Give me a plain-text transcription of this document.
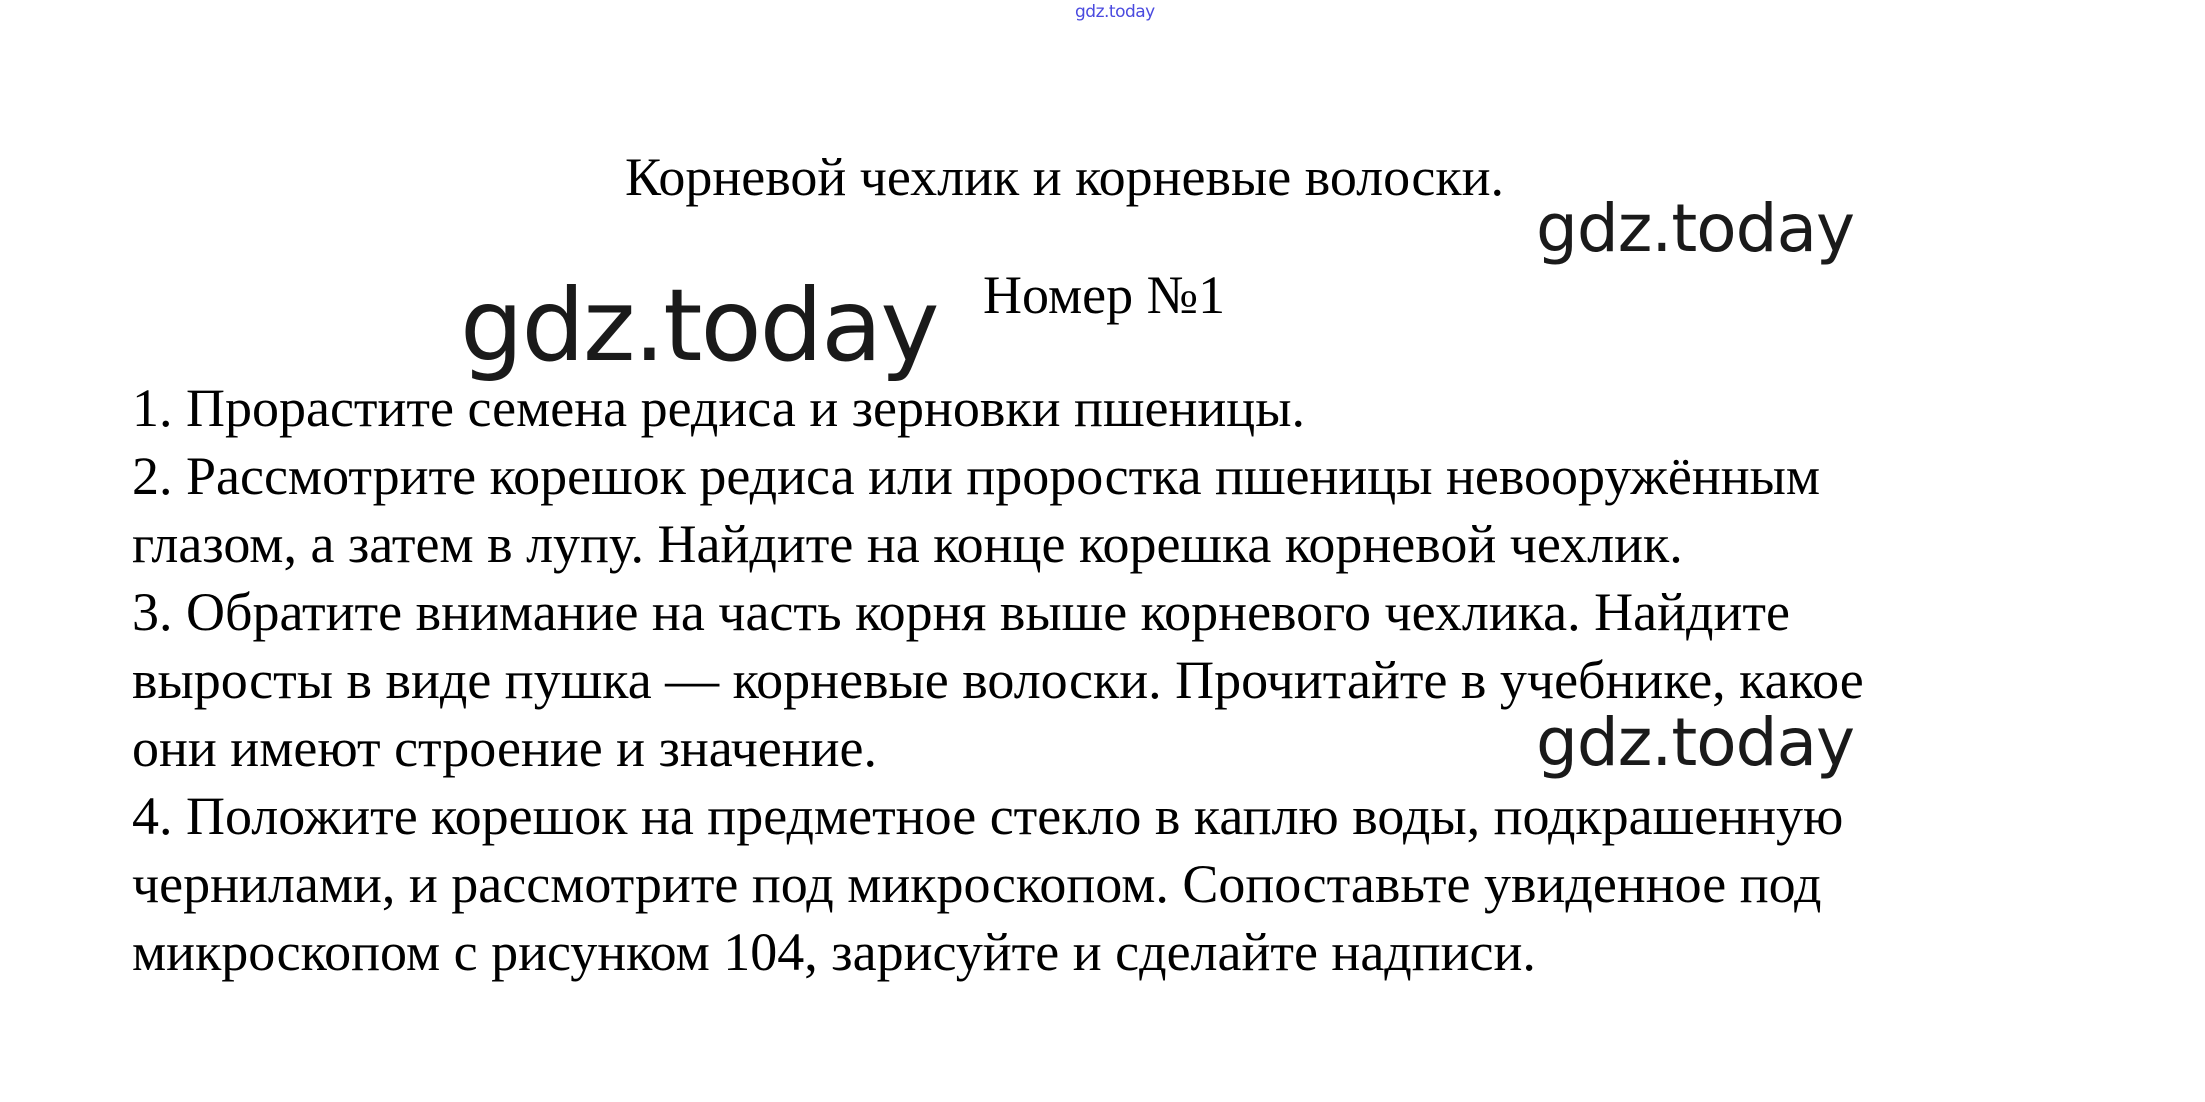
gdz.today
Корневой чехлик и корневые волоски.
gdz.today
Номер №1
1. Прорастите семена редиса и зерновки пшеницы.
2. Рассмотрите корешок редиса или проростка пшеницы невооружённым
глазом, а затем в лупу. Найдите на конце корешка корневой чехлик.
3. Обратите внимание на часть корня выше корневого чехлика. Найдите
выросты в виде пушка — корневые волоски. Прочитайте в учебнике, какое
они имеют строение и значение.
4. Положите корешок на предметное стекло в каплю воды, подкрашенную
чернилами, и рассмотрите под микроскопом. Сопоставьте увиденное под
микроскопом с рисунком 104, зарисуйте и сделайте надписи.
gdz.today
gdz.today
